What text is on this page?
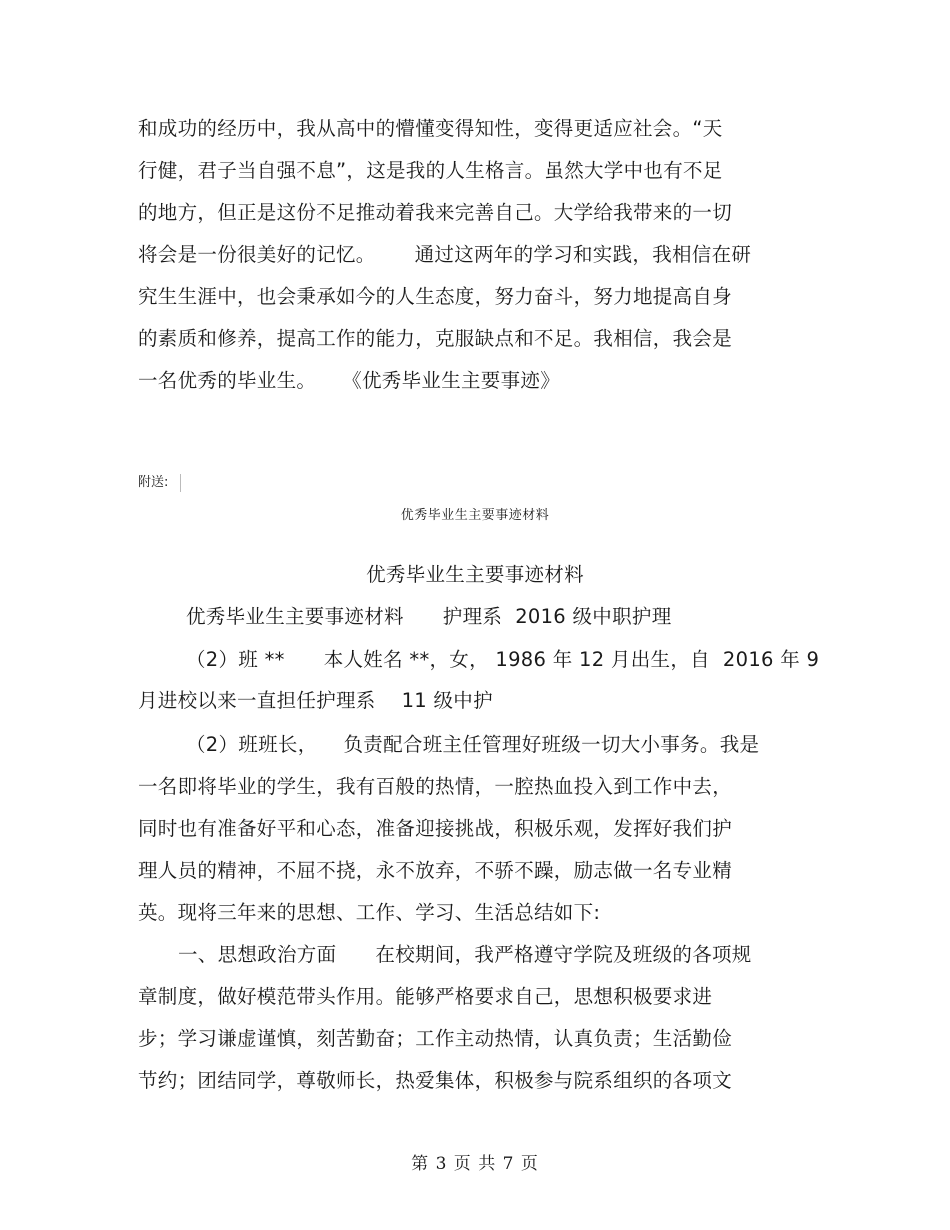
和成功的经历中，我从高中的懵懂变得知性，变得更适应社会。“天

行健，君子当自强不息”，这是我的人生格言。虽然大学中也有不足

的地方，但正是这份不足推动着我来完善自己。大学给我带来的一切

将会是一份很美好的记忆。      通过这两年的学习和实践，我相信在研

究生生涯中，也会秉承如今的人生态度，努力奋斗，努力地提高自身

的素质和修养，提高工作的能力，克服缺点和不足。我相信，我会是

一名优秀的毕业生。    《优秀毕业生主要事迹》

附送:

优秀毕业生主要事迹材料

优秀毕业生主要事迹材料

优秀毕业生主要事迹材料      护理系  2016 级中职护理

（2）班 **      本人姓名 **，女， 1986 年 12 月出生，自  2016 年 9

月进校以来一直担任护理系    11 级中护

（2）班班长，    负责配合班主任管理好班级一切大小事务。我是

一名即将毕业的学生，我有百般的热情，一腔热血投入到工作中去，

同时也有准备好平和心态，准备迎接挑战，积极乐观，发挥好我们护

理人员的精神，不屈不挠，永不放弃，不骄不躁，励志做一名专业精

英。现将三年来的思想、工作、学习、生活总结如下:

一、思想政治方面      在校期间，我严格遵守学院及班级的各项规

章制度，做好模范带头作用。能够严格要求自己，思想积极要求进

步；学习谦虚谨慎，刻苦勤奋；工作主动热情，认真负责；生活勤俭

节约；团结同学，尊敬师长，热爱集体，积极参与院系组织的各项文

第 3 页 共 7 页
